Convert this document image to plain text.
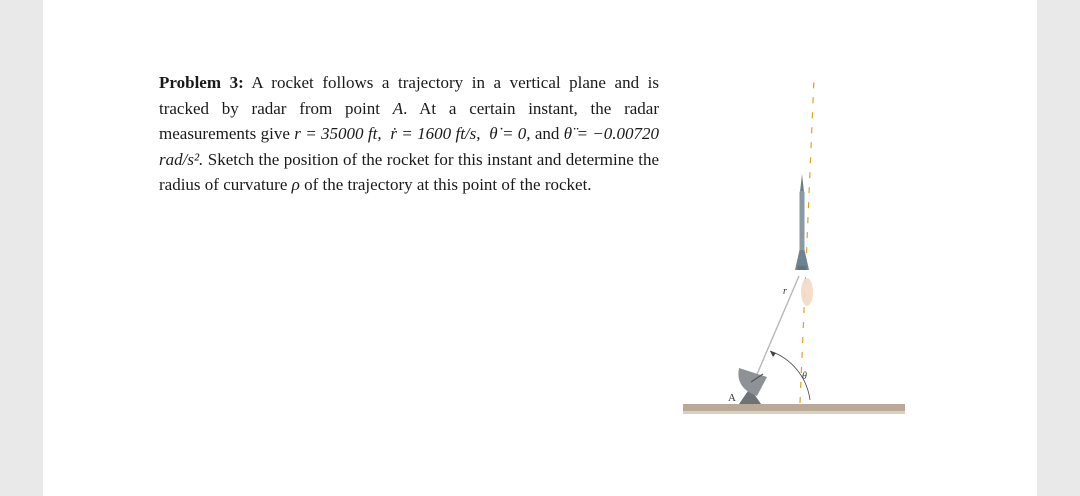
Problem 3: A rocket follows a trajectory in a vertical plane and is tracked by radar from point A. At a certain instant, the radar measurements give r = 35000 ft, ṙ = 1600 ft/s, θ̇ = 0, and θ̈ = −0.00720 rad/s². Sketch the position of the rocket for this instant and determine the radius of curvature ρ of the trajectory at this point of the rocket.

r
θ
A
